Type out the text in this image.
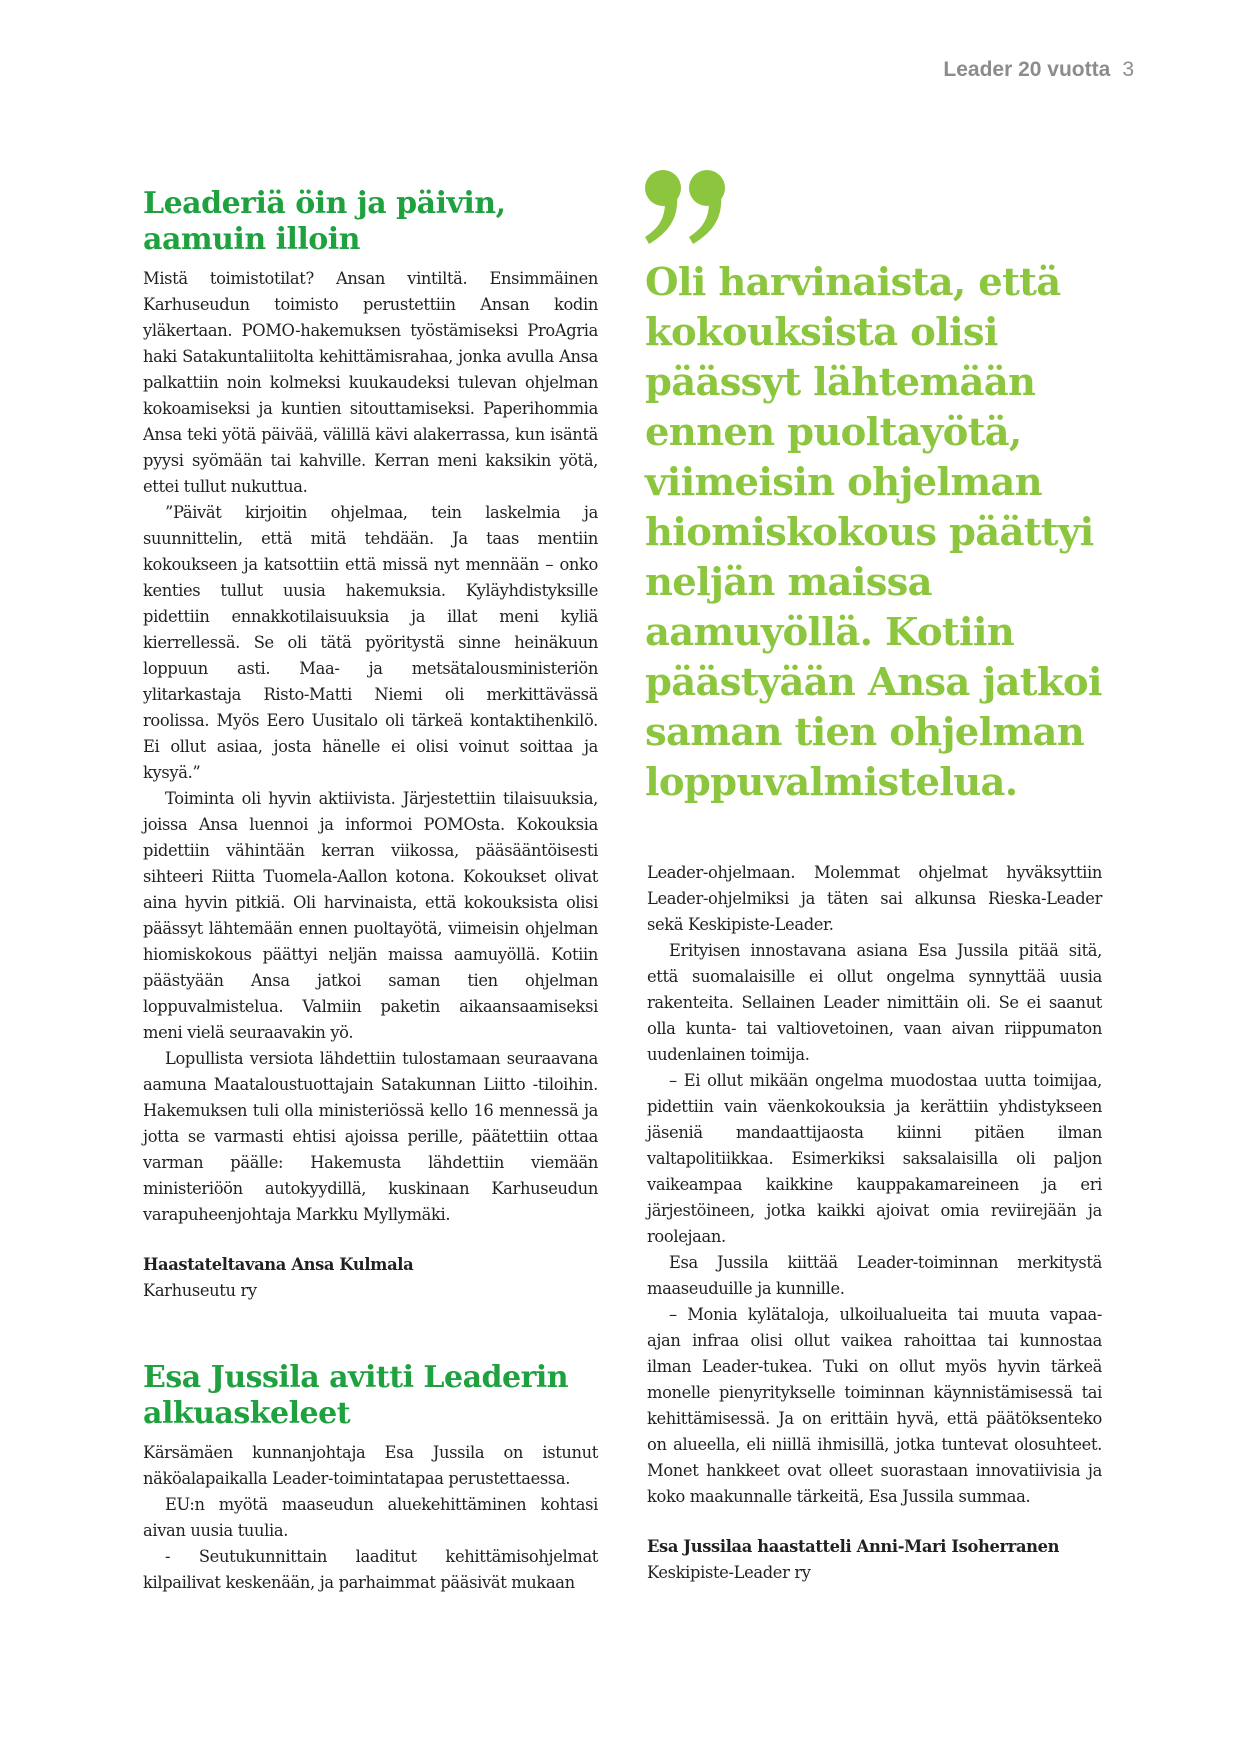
Leader 20 vuotta 3
Leaderiä öin ja päivin,
aamuin illoin

Mistä toimistotilat? Ansan vintiltä. Ensimmäinen Karhuseudun toimisto perustettiin Ansan kodin yläkertaan. POMO-hakemuksen työstämiseksi ProAgria haki Satakuntaliitolta kehittämisrahaa, jonka avulla Ansa palkattiin noin kolmeksi kuukaudeksi tulevan ohjelman kokoamiseksi ja kuntien sitouttamiseksi. Paperihommia Ansa teki yötä päivää, välillä kävi alakerrassa, kun isäntä pyysi syömään tai kahville. Kerran meni kaksikin yötä, ettei tullut nukuttua.

”Päivät kirjoitin ohjelmaa, tein laskelmia ja suunnittelin, että mitä tehdään. Ja taas mentiin kokoukseen ja katsottiin että missä nyt mennään – onko kenties tullut uusia hakemuksia. Kyläyhdistyksille pidettiin ennakkotilaisuuksia ja illat meni kyliä kierrellessä. Se oli tätä pyöritystä sinne heinäkuun loppuun asti. Maa- ja metsätalousministeriön ylitarkastaja Risto-Matti Niemi oli merkittävässä roolissa. Myös Eero Uusitalo oli tärkeä kontaktihenkilö. Ei ollut asiaa, josta hänelle ei olisi voinut soittaa ja kysyä.”

Toiminta oli hyvin aktiivista. Järjestettiin tilaisuuksia, joissa Ansa luennoi ja informoi POMOsta. Kokouksia pidettiin vähintään kerran viikossa, pääsääntöisesti sihteeri Riitta Tuomela-Aallon kotona. Kokoukset olivat aina hyvin pitkiä. Oli harvinaista, että kokouksista olisi päässyt lähtemään ennen puoltayötä, viimeisin ohjelman hiomiskokous päättyi neljän maissa aamuyöllä. Kotiin päästyään Ansa jatkoi saman tien ohjelman loppuvalmistelua. Valmiin paketin aikaansaamiseksi meni vielä seuraavakin yö.

Lopullista versiota lähdettiin tulostamaan seuraavana aamuna Maataloustuottajain Satakunnan Liitto -tiloihin. Hakemuksen tuli olla ministeriössä kello 16 mennessä ja jotta se varmasti ehtisi ajoissa perille, päätettiin ottaa varman päälle: Hakemusta lähdettiin viemään ministeriöön autokyydillä, kuskinaan Karhuseudun varapuheenjohtaja Markku Myllymäki.

Haastateltavana Ansa Kulmala
Karhuseutu ry
Esa Jussila avitti Leaderin
alkuaskeleet

Kärsämäen kunnanjohtaja Esa Jussila on istunut näköalapaikalla Leader-toimintatapaa perustettaessa.

EU:n myötä maaseudun aluekehittäminen kohtasi aivan uusia tuulia.

- Seutukunnittain laaditut kehittämisohjelmat kilpailivat keskenään, ja parhaimmat pääsivät mukaan

Oli harvinaista, että kokouksista olisi päässyt lähtemään ennen puoltayötä, viimeisin ohjelman hiomiskokous päättyi neljän maissa aamuyöllä. Kotiin päästyään Ansa jatkoi saman tien ohjelman loppuvalmistelua.

Leader-ohjelmaan. Molemmat ohjelmat hyväksyttiin Leader-ohjelmiksi ja täten sai alkunsa Rieska-Leader sekä Keskipiste-Leader.

Erityisen innostavana asiana Esa Jussila pitää sitä, että suomalaisille ei ollut ongelma synnyttää uusia rakenteita. Sellainen Leader nimittäin oli. Se ei saanut olla kunta- tai valtiovetoinen, vaan aivan riippumaton uudenlainen toimija.

– Ei ollut mikään ongelma muodostaa uutta toimijaa, pidettiin vain väenkokouksia ja kerättiin yhdistykseen jäseniä mandaattijaosta kiinni pitäen ilman valtapolitiikkaa. Esimerkiksi saksalaisilla oli paljon vaikeampaa kaikkine kauppakamareineen ja eri järjestöineen, jotka kaikki ajoivat omia reviirejään ja roolejaan.

Esa Jussila kiittää Leader-toiminnan merkitystä maaseuduille ja kunnille.

– Monia kylätaloja, ulkoilualueita tai muuta vapaa-ajan infraa olisi ollut vaikea rahoittaa tai kunnostaa ilman Leader-tukea. Tuki on ollut myös hyvin tärkeä monelle pienyritykselle toiminnan käynnistämisessä tai kehittämisessä. Ja on erittäin hyvä, että päätöksenteko on alueella, eli niillä ihmisillä, jotka tuntevat olosuhteet. Monet hankkeet ovat olleet suorastaan innovatiivisia ja koko maakunnalle tärkeitä, Esa Jussila summaa.

Esa Jussilaa haastatteli Anni-Mari Isoherranen
Keskipiste-Leader ry
